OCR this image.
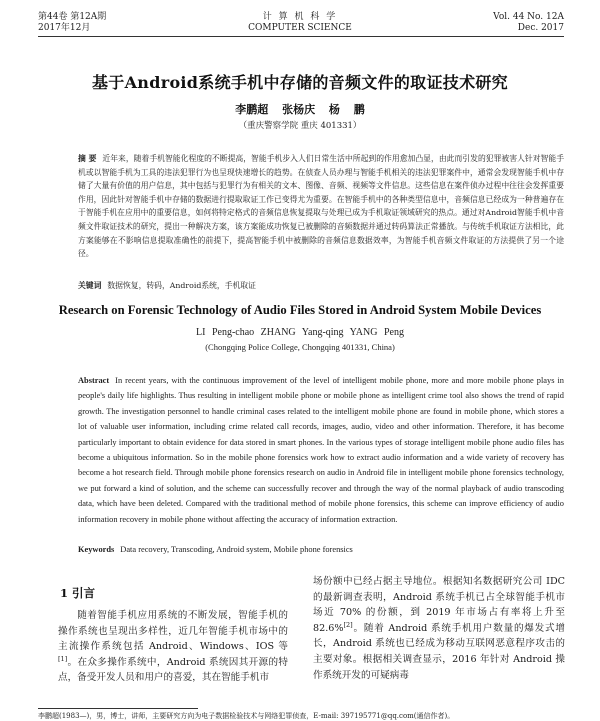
第44卷 第12A期
2017年12月
计 算 机 科 学
COMPUTER SCIENCE
Vol. 44 No. 12A
Dec. 2017
基于Android系统手机中存储的音频文件的取证技术研究
李鹏超 张杨庆 杨 鹏
（重庆警察学院 重庆 401331）
摘 要 近年来，随着手机智能化程度的不断提高，智能手机步入人们日常生活中所起到的作用愈加凸显，由此而引发的犯罪被害人针对智能手机或以智能手机为工具的违法犯罪行为也呈现快速增长的趋势。在侦查人员办理与智能手机相关的违法犯罪案件中，通常会发现智能手机中存储了大量有价值的用户信息，其中包括与犯罪行为有相关的文本、图像、音频、视频等文件信息。这些信息在案件侦办过程中往往会发挥重要作用，因此针对智能手机中存储的数据进行提取取证工作已变得尤为重要。在智能手机中的各种类型信息中，音频信息已经成为一种普遍存在于智能手机在应用中的重要信息，如何将特定格式的音频信息恢复提取与处理已成为手机取证领域研究的热点。通过对Android智能手机中音频文件取证技术的研究，提出一种解决方案，该方案能成功恢复已被删除的音频数据并通过转码算法正常播放。与传统手机取证方法相比，此方案能够在不影响信息提取准确性的前提下，提高智能手机中被删除的音频信息数据效率，为智能手机音频文件取证的方法提供了另一个途径。
关键词 数据恢复，转码，Android系统，手机取证
Research on Forensic Technology of Audio Files Stored in Android System Mobile Devices
LI Peng-chao ZHANG Yang-qing YANG Peng
(Chongqing Police College, Chongqing 401331, China)
Abstract In recent years, with the continuous improvement of the level of intelligent mobile phone, more and more mobile phone plays in people's daily life highlights. Thus resulting in intelligent mobile phone or mobile phone as intelligent crime tool also shows the trend of rapid growth. The investigation personnel to handle criminal cases related to the intelligent mobile phone are found in mobile phone, which stores a lot of valuable user information, including crime related call records, images, audio, video and other information. Therefore, it has become particularly important to obtain evidence for data stored in smart phones. In the various types of storage intelligent mobile phone audio files has become a ubiquitous information. So in the mobile phone forensics work how to extract audio information and a wide variety of recovery has become a hot research field. Through mobile phone forensics research on audio in Android file in intelligent mobile phone forensics technology, we put forward a kind of solution, and the scheme can successfully recover and through the way of the normal playback of audio transcoding data, which have been deleted. Compared with the traditional method of mobile phone forensics, this scheme can improve efficiency of audio information recovery in mobile phone without affecting the accuracy of information extraction.
Keywords Data recovery, Transcoding, Android system, Mobile phone forensics
1 引言
随着智能手机应用系统的不断发展，智能手机的操作系统也呈现出多样性，近几年智能手机市场中的主流操作系统包括 Android、Windows、IOS 等[1]。在众多操作系统中，Android 系统因其开源的特点，备受开发人员和用户的喜爱，其在智能手机市
场份额中已经占据主导地位。根据知名数据研究公司 IDC 的最新调查表明，Android 系统手机已占全球智能手机市场近 70% 的份额，到 2019 年市场占有率将上升至 82.6%[2]。随着 Android 系统手机用户数量的爆发式增长，Android 系统也已经成为移动互联网恶意程序攻击的主要对象。根据相关调查显示，2016 年针对 Android 操作系统开发的可疑病毒
李鹏超(1983—)，男，博士，讲师，主要研究方向为电子数据检验技术与网络犯罪侦查，E-mail: 397195771@qq.com(通信作者)。
